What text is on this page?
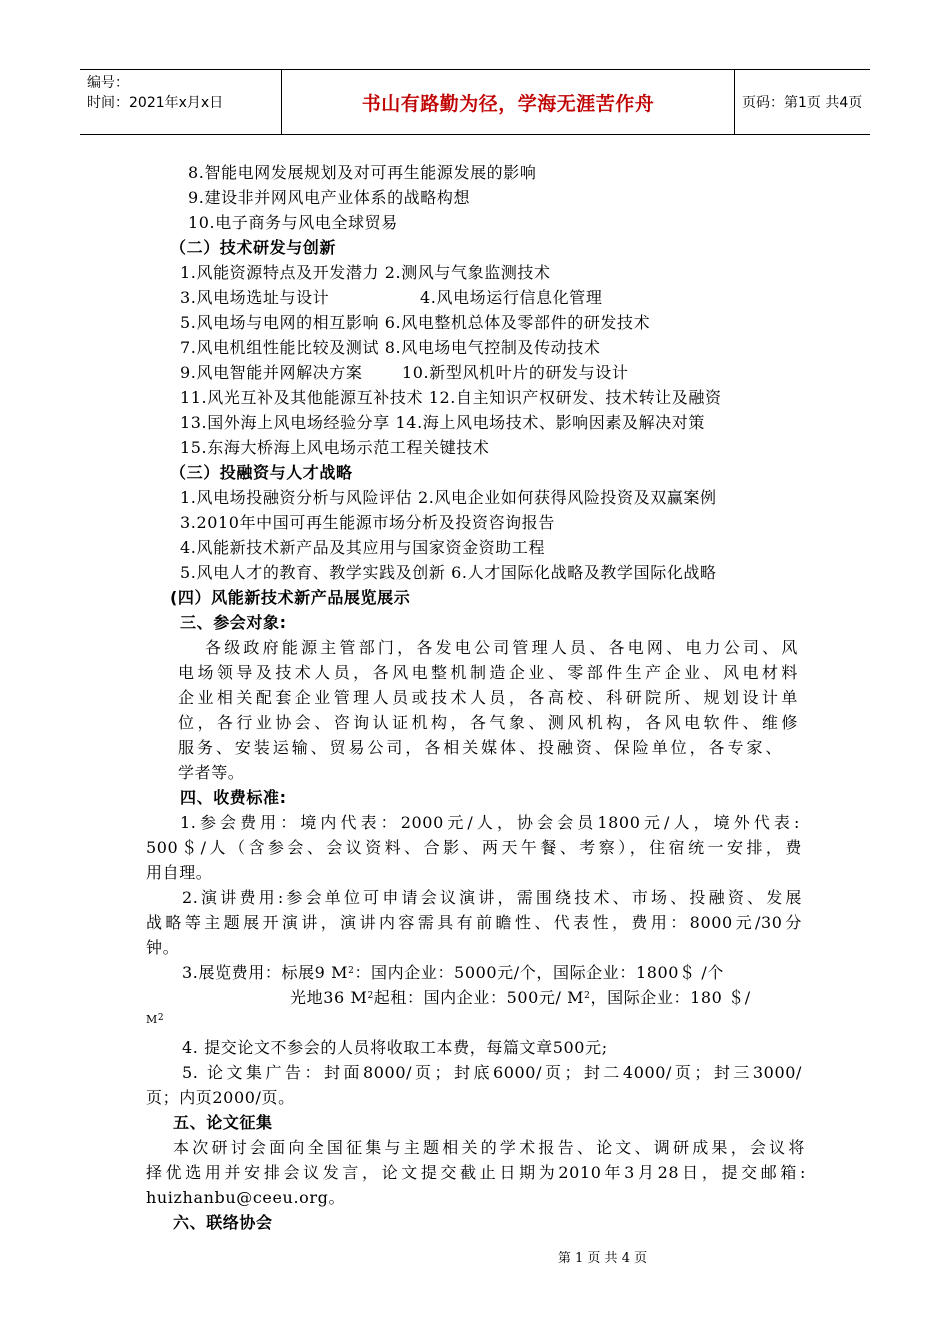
编号：
时间：2021年x月x日	书山有路勤为径，学海无涯苦作舟	页码：第1页 共4页
8.智能电网发展规划及对可再生能源发展的影响
9.建设非并网风电产业体系的战略构想
10.电子商务与风电全球贸易
（二）技术研发与创新
1.风能资源特点及开发潜力 2.测风与气象监测技术
3.风电场选址与设计	4.风电场运行信息化管理
5.风电场与电网的相互影响 6.风电整机总体及零部件的研发技术
7.风电机组性能比较及测试 8.风电场电气控制及传动技术
9.风电智能并网解决方案 10.新型风机叶片的研发与设计
11.风光互补及其他能源互补技术 12.自主知识产权研发、技术转让及融资
13.国外海上风电场经验分享 14.海上风电场技术、影响因素及解决对策
15.东海大桥海上风电场示范工程关键技术
（三）投融资与人才战略
1.风电场投融资分析与风险评估 2.风电企业如何获得风险投资及双赢案例
3.2010年中国可再生能源市场分析及投资咨询报告
4.风能新技术新产品及其应用与国家资金资助工程
5.风电人才的教育、教学实践及创新 6.人才国际化战略及教学国际化战略
(四）风能新技术新产品展览展示
三、参会对象:
各级政府能源主管部门，各发电公司管理人员、各电网、电力公司、风
电场领导及技术人员，各风电整机制造企业、零部件生产企业、风电材料
企业相关配套企业管理人员或技术人员，各高校、科研院所、规划设计单
位，各行业协会、咨询认证机构，各气象、测风机构，各风电软件、维修
服务、安装运输、贸易公司，各相关媒体、投融资、保险单位，各专家、
学者等。
四、收费标准:
1.参会费用：境内代表：2000元/人，协会会员1800元/人，境外代表:
500＄/人（含参会、会议资料、合影、两天午餐、考察），住宿统一安排，费
用自理。
2.演讲费用:参会单位可申请会议演讲，需围绕技术、市场、投融资、发展
战略等主题展开演讲，演讲内容需具有前瞻性、代表性，费用：8000元/30分
钟。
3.展览费用：标展9 $M^2$：国内企业：5000元/个，国际企业：1800＄ /个
光地36 $M^2$起租：国内企业：500元/ $M^2$，国际企业：180 ＄/
$M^2$
4. 提交论文不参会的人员将收取工本费，每篇文章500元;
5. 论文集广告：封面8000/页；封底6000/页；封二4000/页；封三3000/
页；内页2000/页。
五、论文征集
本次研讨会面向全国征集与主题相关的学术报告、论文、调研成果，会议将
择优选用并安排会议发言，论文提交截止日期为2010年3月28日，提交邮箱:
huizhanbu@ceeu.org。
六、联络协会
第 1 页 共 4 页
